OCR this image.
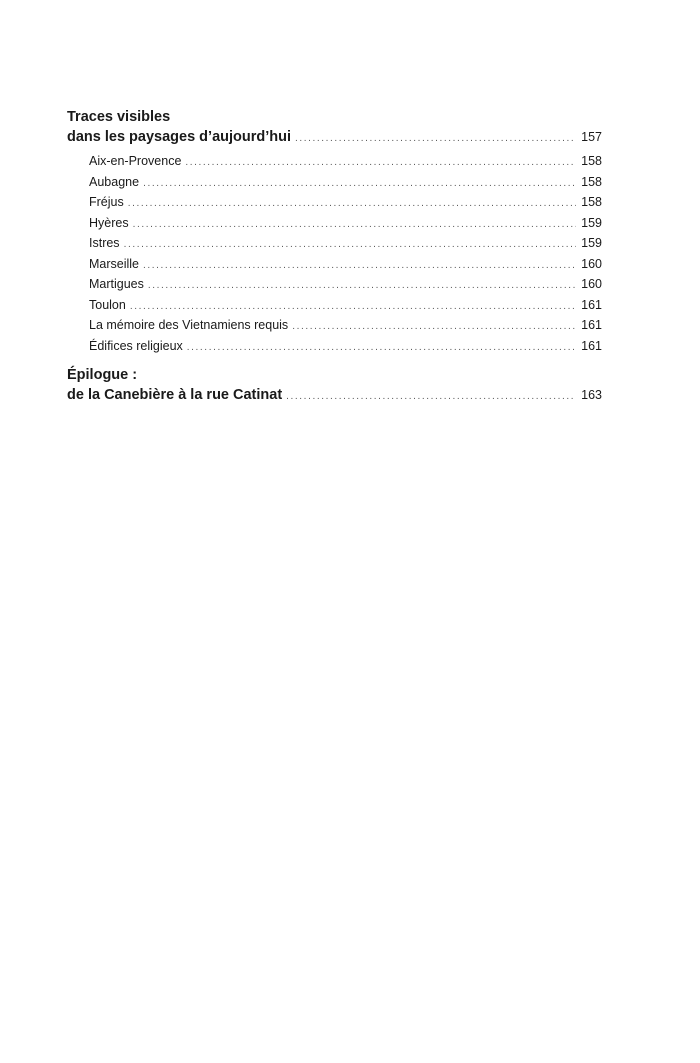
Traces visibles
dans les paysages d’aujourd’hui .....	157
Aix-en-Provence .....	158
Aubagne .....	158
Fréjus .....	158
Hyères .....	159
Istres .....	159
Marseille .....	160
Martigues .....	160
Toulon .....	161
La mémoire des Vietnamiens requis .....	161
Édifices religieux .....	161
Épilogue :
de la Canebière à la rue Catinat .....	163
